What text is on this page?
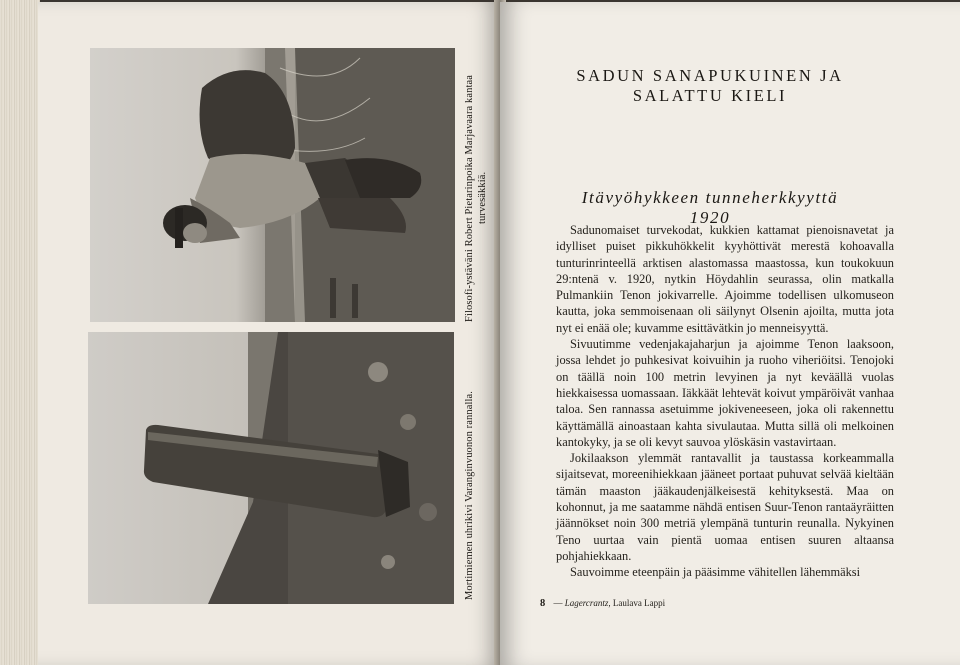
Filosofi-ystäväni Robert Pietarinpoika Marjavaara kantaa turvesäkkiä.
Mortimiemen uhrikivi Varanginvuonon rannalla.
SADUN SANAPUKUINEN JA
SALATTU KIELI
Itävyöhykkeen tunneherkkyyttä 1920

Sadunomaiset turvekodat, kukkien kattamat pienoisnavetat ja idylliset puiset pikkuhökkelit kyyhöttivät merestä kohoavalla tunturinrinteellä arktisen alastomassa maastossa, kun toukokuun 29:ntenä v. 1920, nytkin Höydahlin seurassa, olin matkalla Pulmankiin Tenon jokivarrelle. Ajoimme todellisen ulkomuseon kautta, joka semmoisenaan oli säilynyt Olsenin ajoilta, mutta jota nyt ei enää ole; kuvamme esittävätkin jo menneisyyttä.

Sivuutimme vedenjakajaharjun ja ajoimme Tenon laaksoon, jossa lehdet jo puhkesivat koivuihin ja ruoho viheriöitsi. Tenojoki on täällä noin 100 metrin levyinen ja nyt keväällä vuolas hiekkaisessa uomassaan. Iäkkäät lehtevät koivut ympäröivät vanhaa taloa. Sen rannassa asetuimme jokiveneeseen, joka oli rakennettu käyttämällä ainoastaan kahta sivulautaa. Mutta sillä oli melkoinen kantokyky, ja se oli kevyt sauvoa ylöskäsin vastavirtaan.

Jokilaakson ylemmät rantavallit ja taustassa korkeammalla sijaitsevat, moreenihiekkaan jääneet portaat puhuvat selvää kieltään tämän maaston jääkaudenjälkeisestä kehityksestä. Maa on kohonnut, ja me saatamme nähdä entisen Suur-Tenon rantaäyräitten jäännökset noin 300 metriä ylempänä tunturin reunalla. Nykyinen Teno uurtaa vain pientä uomaa entisen suuren altaansa pohjahiekkaan.

Sauvoimme eteenpäin ja pääsimme vähitellen lähemmäksi

8 — Lagercrantz, Laulava Lappi
